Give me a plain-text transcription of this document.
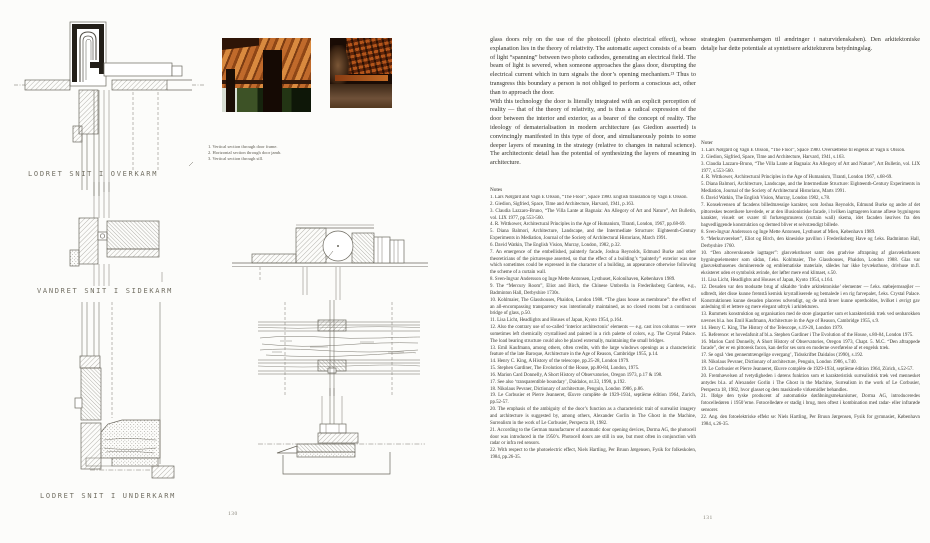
1. Vertical section through door frame.
2. Horizontal section through door jamb.
3. Vertical section through sill.
LODRET SNIT I OVERKARM
VANDRET SNIT I SIDEKARM
LODRET SNIT I UNDERKARM
130
glass doors rely on the use of the photocell (photo electrical effect), whose explanation lies in the theory of relativity. The automatic aspect consists of a beam of light “spanning” between two photo cathodes, generating an electrical field. The beam of light is severed, when someone approaches the glass door, disrupting the electrical current which in turn signals the door’s opening mechanism.²¹ Thus to transgress this boundary a person is not obliged to perform a conscious act, other than to approach the door.
With this technology the door is literally integrated with an explicit perception of reality — that of the theory of relativity, and is thus a radical expression of the door between the interior and exterior, as a bearer of the concept of reality. The ideology of dematerialisation in modern architecture (as Giedion asserted) is convincingly manifested in this type of door, and simultaneously points to some deeper layers of meaning in the strategy (relative to changes in natural science). The architectonic detail has the potential of synthesizing the layers of meaning in architecture.
Notes
1. Lars Nørgård and Vagn E Olsson, “The Floor”, Space 1980. English translation by Vagn E Olsson.
2. Giedion, Sigfried, Space, Time and Architecture, Harvard, 1941, p.163.
3. Claudia Lazzaro-Bruno, “The Villa Lante at Bagnaia: An Allegory of Art and Nature”, Art Bulletin, vol. LIX 1977, pp.553-560.
4. R. Wittkower, Architectural Principles in the Age of Humanism, Tiranti, London, 1967, pp.68-69.
5. Diana Balmori, Architecture, Landscape, and the Intermediate Structure: Eighteenth-Century Experiments in Mediation, Journal of the Society of Architectural Historians, March 1991.
6. David Watkin, The English Vision, Murray, London, 1982, p.32.
7. An emergence of the embellished, painterly facade, Joshua Reynolds, Edmund Burke and other theoreticians of the picturesque asserted, so that the effect of a building’s “painterly” exterior was one which sometimes could be expressed in the character of a building, an appearance otherwise following the scheme of a curtain wall.
8. Sven-Ingvar Andersson og Inge Mette Antonsen, Lysthuset, Kolonihaven, København 1989.
9. The “Mercury Room”, Eliot and Birch, the Chinese Umbrella in Frederiksberg Gardens, e.g., Badminton Hall, Derbyshire 1730s.
10. Kohlmaier, The Glasshouses, Phaidon, London 1988. “The glass house as membrane”: the effect of an all-encompassing transparency was intentionally maintained, as no closed rooms but a continuous bridge of glass, p.50.
11. Lisa Licht, Headlights and Houses of Japan, Kyoto 1954, p.164.
12. Also the contrary use of so-called ‘interior architectonic’ elements — e.g. cast iron columns — were sometimes left chemically crystallised and painted in a rich palette of colors, e.g. The Crystal Palace. The load bearing structure could also be placed externally, maintaining the small bridges.
13. Emil Kaufmann, among others, often credits, with the large windows openings as a characteristic feature of the late Baroque, Architecture in the Age of Reason, Cambridge 1955, p.14.
14. Henry C. King, A History of the telescope, pp.25-28, London 1979.
15. Stephen Gardiner, The Evolution of the House, pp.80-84, London, 1975.
16. Marion Card Donnelly, A Short History of Observatories, Oregon 1973, p.17 & 198.
17. See also ‘transparentible boundary’, Daidalos, nr.33, 1990, p.192.
18. Nikolaus Pevsner, Dictionary of architecture, Penguin, London 1986, p.86.
19. Le Corbusier et Pierre Jeanneret, Œuvre complète de 1929-1934, septième édition 1964, Zurich, pp.52-57.
20. The emphasis of the ambiguity of the door’s function as a characteristic trait of surrealist imagery and architecture is suggested by, among others, Alexander Gorlin in The Ghost in the Machine, Surrealism in the work of Le Corbusier, Perspecta 18, 1982.
21. According to the German manufacturer of automatic door opening devices, Dorma AG, the photocell door was introduced in the 1950’s. Photocell doors are still in use, but most often in conjunction with radar or infra red sensors.
22. With respect to the photoelectric effect, Niels Hartling, Per Bruun Jørgensen, Fysik for folkeskolen, 1984, pp.26-35.
strategien (sammenhængen til ændringer i naturvidenskaben). Den arkitektoniske detalje har dette potentiale at syntetisere arkitekturens betydningslag.
Noter
1. Lars Nørgård og Vagn E Olsson, “The Floor”, Space 1980. Oversættelse til engelsk af Vagn E Olsson.
2. Giedion, Sigfried, Space, Time and Architecture, Harvard, 1941, s.163.
3. Claudia Lazzaro-Bruno, “The Villa Lante at Bagnaia: An Allegory of Art and Nature”, Art Bulletin, vol. LIX 1977, s.553-560.
4. R. Wittkower, Architectural Principles in the Age of Humanism, Tiranti, London 1967, s.68-69.
5. Diana Balmori, Architecture, Landscape, and the Intermediate Structure: Eighteenth-Century Experiments in Mediation, Journal of the Society of Architectural Historians, Marts 1991.
6. David Watkin, The English Vision, Murray, London 1982, s.78.
7. Konsekvensen af facadens billedmæssige karakter, som Joshua Reynolds, Edmund Burke og andre af det pittoreskes teoretikere hævdede, er at den illusionistiske facade, i hvilken iagttageren kunne aflæse bygningens karakter, visuelt set svarer til forhængsmurens (curtain wall) skema, idet facaden løsrives fra den bagvedliggende konstruktion og dermed bliver et selvstændigt billede.
8. Sven-Ingvar Andersson og Inge Mette Antonsen, Lysthuset af Mien, København 1989.
9. “Merkurværelset”, Eliot og Birch, den kinesiske pavillon i Frederiksberg Have og f.eks. Badminton Hall, Derbyshire 1760.
10. “Den altoverskuende iagttager”: glasvæksthuset samt den gradvise aftrapning af glasvæksthusets bygningselementer som sådan, f.eks. Kohlmaier, The Glasshouses, Phaidon, London 1988. Glas var glasvæksthusenes dominerende og emblematiske materiale, således har ikke byvæksthuse, drivhuse m.fl. eksisteret uden et symbolsk ærinde, der løfter mere end klimaet, s.50.
11. Lisa Licht, Headlights and Houses of Japan, Kyoto 1954, s.164.
12. Desuden var den modsatte brug af såkaldte ‘indre arkitektoniske’ elementer — f.eks. støbejernssøjler — udbredt, idet disse kunne fremstå kemisk krystalliserede og bemalede i en rig farvepalet, f.eks. Crystal Palace. Konstruktionen kunne desuden placeres udvendigt, og de små broer kunne opretholdes, hvilket i øvrigt gav anledning til et lettere og mere elegant udtryk i arkitekturen.
13. Rummets konstruktion og organisation med de store glaspartier som et karakteristisk træk ved senbarokken nævnes bl.a. hos Emil Kaufmann, Architecture in the Age of Reason, Cambridge 1955, s.9.
14. Henry C. King, The History of the Telescope, s.19-20, London 1979.
15. Reference: et hovedafsnit af bl.a. Stephen Gardiner i The Evolution of the House, s.80-84, London 1975.
16. Marion Card Donnelly, A Short History of Observatories, Oregon 1973, Chapt. 5. M.C. “Den aftrappede facade”, der er en pittoresk facon, kan derfor ses som en moderne overførelse af et engelsk træk.
17. Se også ‘den gennemtrængelige overgang’, Tidsskriftet Daidalos (1990), s.192.
18. Nikolaus Pevsner, Dictionary of architecture, Penguin, London 1986, s.740.
19. Le Corbusier et Pierre Jeanneret, Œuvre complète de 1929-1934, septième édition 1964, Zürich, s.52-57.
20. Fremhævelsen af tvetydigheden i dørens funktion som et karakteristisk surrealistisk træk ved mennesket antydes bl.a. af Alexander Gorlin i The Ghost in the Machine, Surrealism in the work of Le Corbusier, Perspecta 18, 1982, hvor glasset og dets maskinelle virkemidler behandles.
21. Ifølge den tyske producent af automatiske døråbningsmekanismer, Dorma AG, introduceredes fotocelledøren i 1950’erne. Fotocelledøre er stadig i brug, men oftest i kombination med radar- eller infrarøde sensorer.
22. Ang. den fotoelektriske effekt se: Niels Hartling, Per Bruun Jørgensen, Fysik for gymnasiet, København 1984, s.26-35.
131
